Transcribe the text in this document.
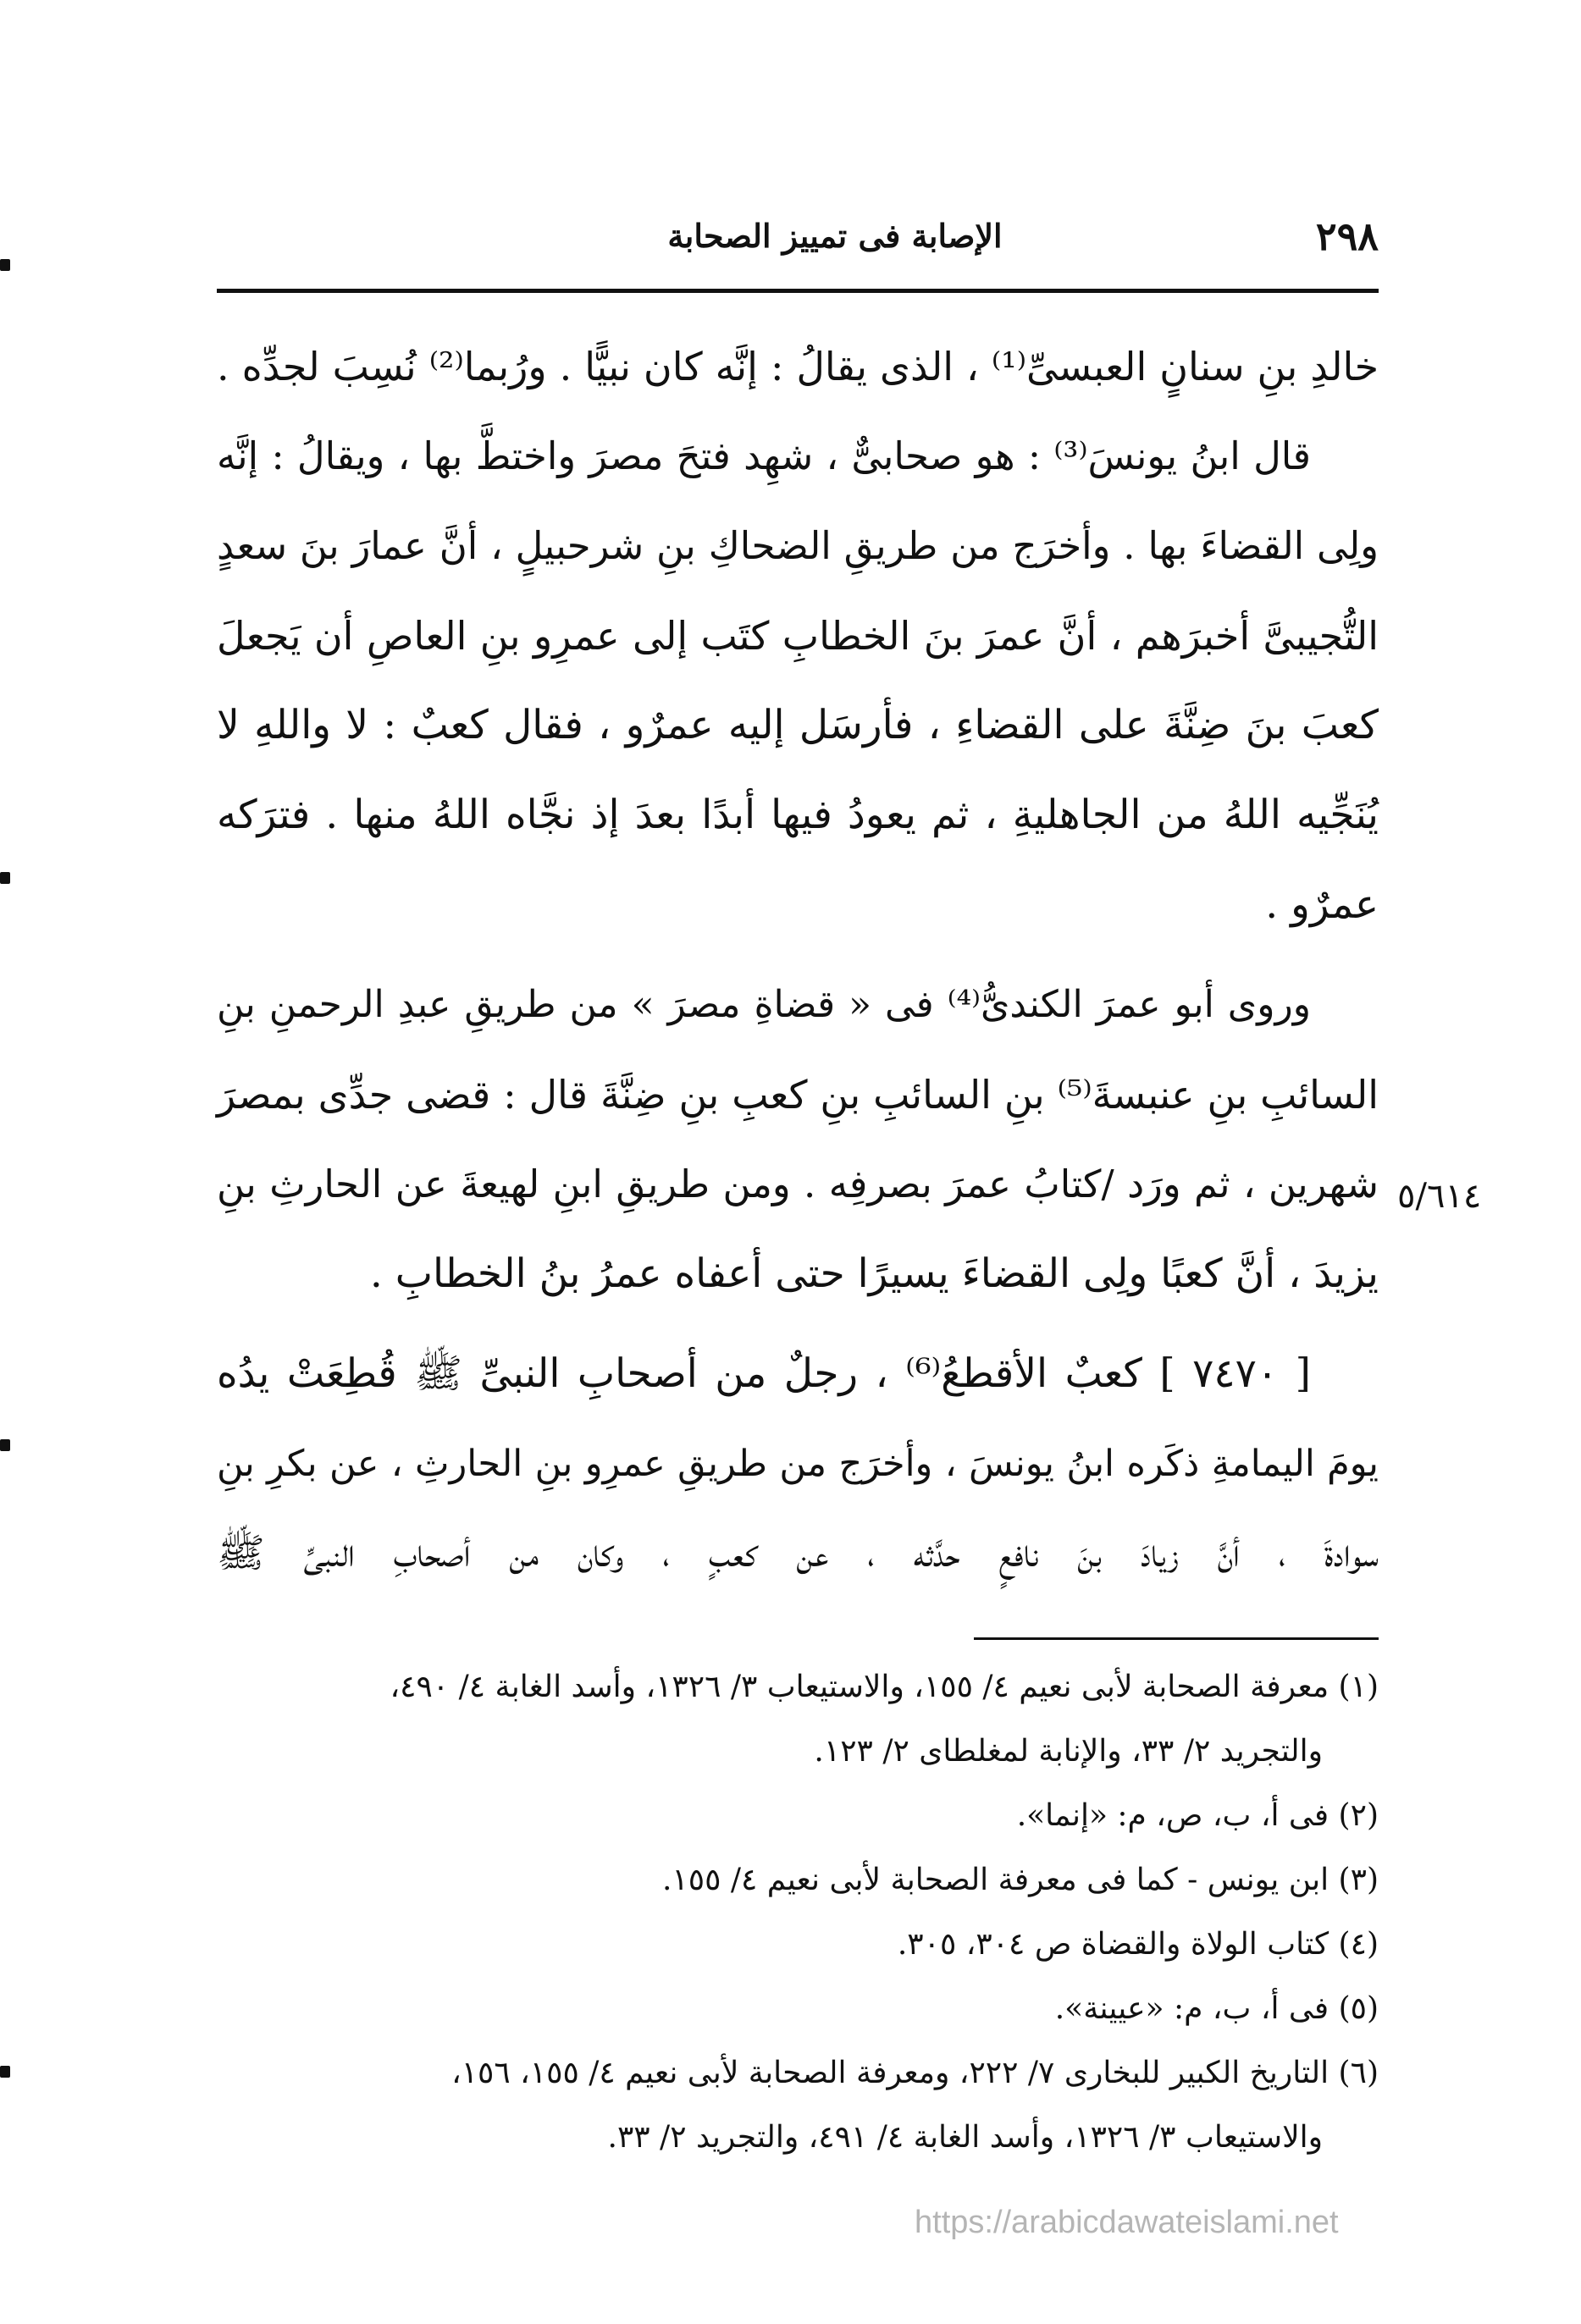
٢٩٨
الإصابة فى تمييز الصحابة
خالدِ بنِ سنانٍ العبسىِّ⁽¹⁾ ، الذى يقالُ : إنَّه كان نبيًّا . ورُبما⁽²⁾ نُسِبَ لجدِّه .
قال ابنُ يونسَ⁽³⁾ : هو صحابىٌّ ، شهِد فتحَ مصرَ واختطَّ بها ، ويقالُ : إنَّه
ولِى القضاءَ بها . وأخرَج من طريقِ الضحاكِ بنِ شرحبيلٍ ، أنَّ عمارَ بنَ سعدٍ
التُّجيبىَّ أخبرَهم ، أنَّ عمرَ بنَ الخطابِ كتَب إلى عمرِو بنِ العاصِ أن يَجعلَ
كعبَ بنَ ضِنَّةَ على القضاءِ ، فأرسَل إليه عمرٌو ، فقال كعبٌ : لا واللهِ لا
يُنَجِّيه اللهُ من الجاهليةِ ، ثم يعودُ فيها أبدًا بعدَ إذ نجَّاه اللهُ منها . فترَكه
عمرٌو .
وروى أبو عمرَ الكندىُّ⁽⁴⁾ فى « قضاةِ مصرَ » من طريقِ عبدِ الرحمنِ بنِ
السائبِ بنِ عنبسةَ⁽⁵⁾ بنِ السائبِ بنِ كعبِ بنِ ضِنَّةَ قال : قضى جدِّى بمصرَ
شهرين ، ثم ورَد /كتابُ عمرَ بصرفِه . ومن طريقِ ابنِ لهيعةَ عن الحارثِ بنِ
يزيدَ ، أنَّ كعبًا ولِى القضاءَ يسيرًا حتى أعفاه عمرُ بنُ الخطابِ .
[ ٧٤٧٠ ] كعبٌ الأقطعُ⁽⁶⁾ ، رجلٌ من أصحابِ النبىِّ ﷺ قُطِعَتْ يدُه
يومَ اليمامةِ ذكَره ابنُ يونسَ ، وأخرَج من طريقِ عمرِو بنِ الحارثِ ، عن بكرِ بنِ
سوادةَ ، أنَّ زيادَ بنَ نافعٍ حدَّثه ، عن كعبٍ ، وكان من أصحابِ النبىِّ ﷺ
٥/٦١٤
(١) معرفة الصحابة لأبى نعيم ٤/ ١٥٥، والاستيعاب ٣/ ١٣٢٦، وأسد الغابة ٤/ ٤٩٠،
والتجريد ٢/ ٣٣، والإنابة لمغلطاى ٢/ ١٢٣.
(٢) فى أ، ب، ص، م: «إنما».
(٣) ابن يونس - كما فى معرفة الصحابة لأبى نعيم ٤/ ١٥٥.
(٤) كتاب الولاة والقضاة ص ٣٠٤، ٣٠٥.
(٥) فى أ، ب، م: «عيينة».
(٦) التاريخ الكبير للبخارى ٧/ ٢٢٢، ومعرفة الصحابة لأبى نعيم ٤/ ١٥٥، ١٥٦،
والاستيعاب ٣/ ١٣٢٦، وأسد الغابة ٤/ ٤٩١، والتجريد ٢/ ٣٣.
https://arabicdawateislami.net
